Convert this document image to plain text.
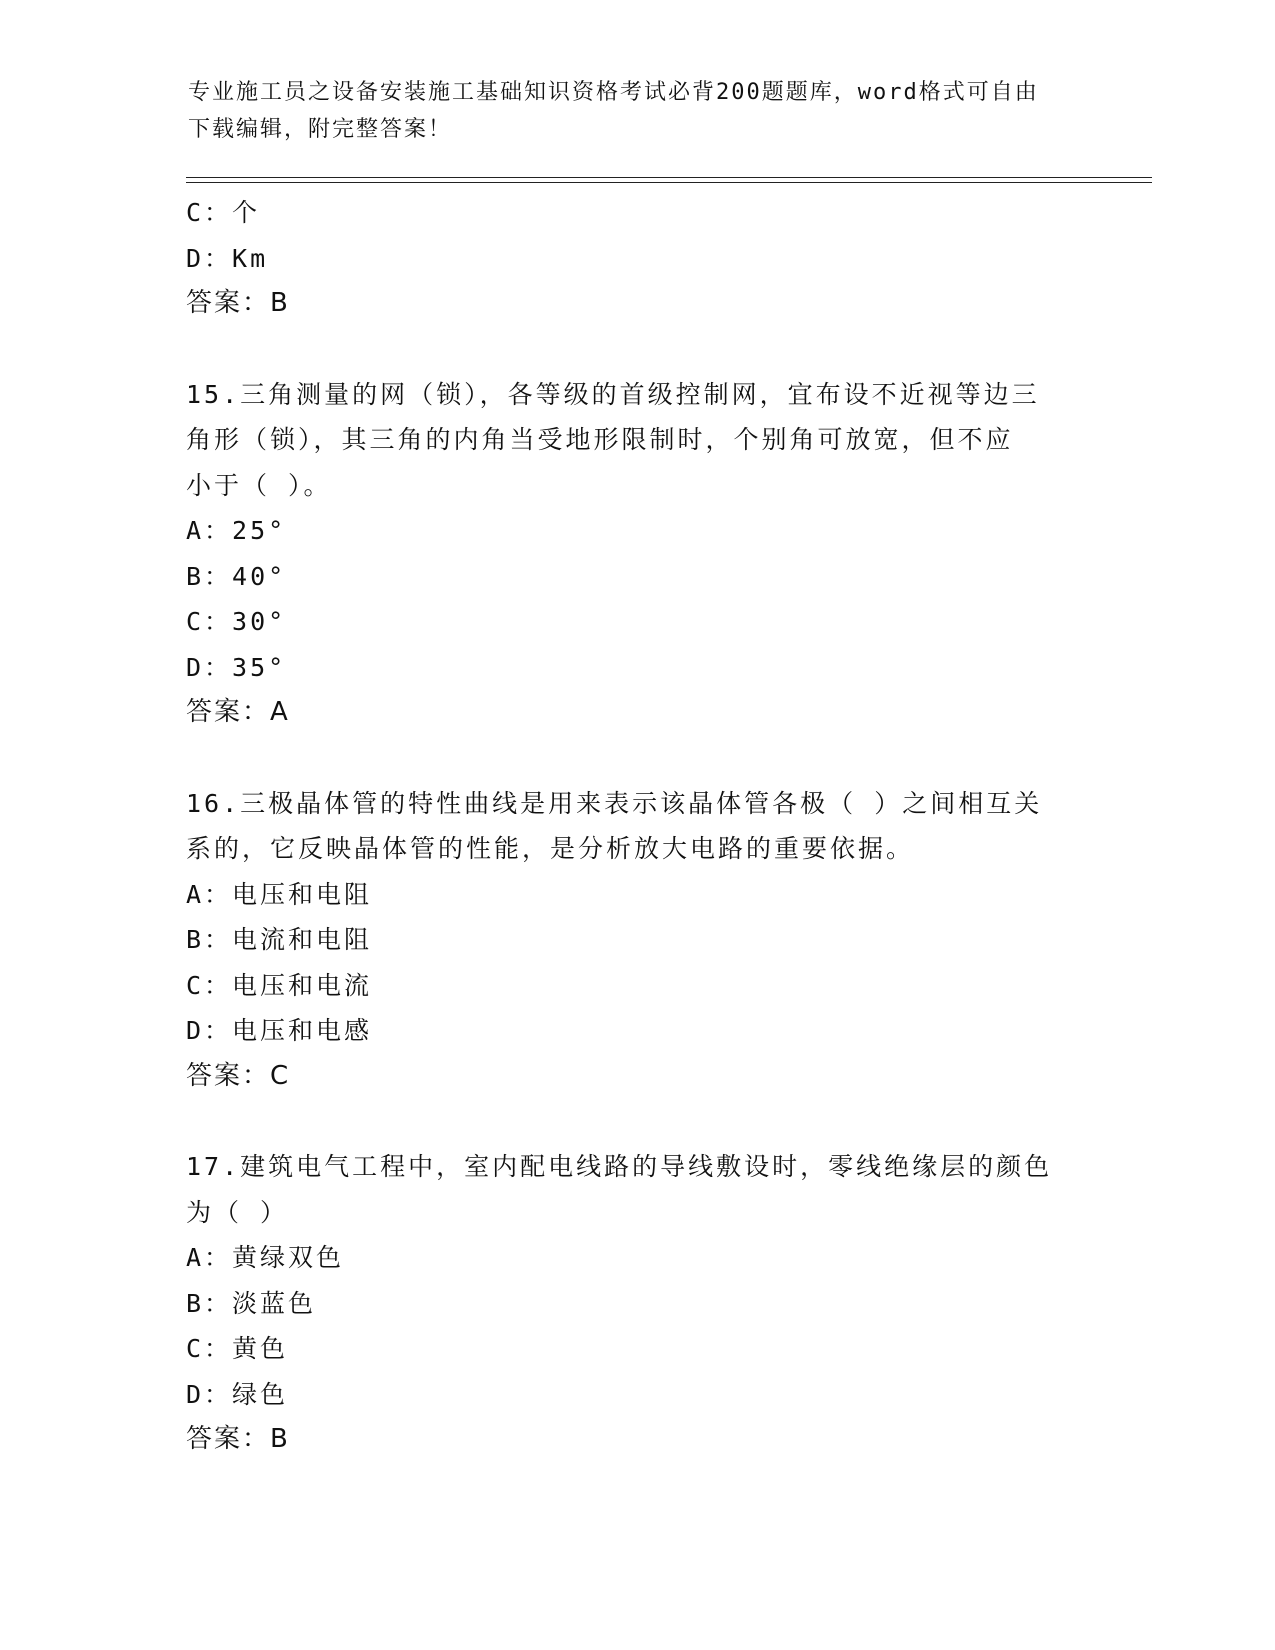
专业施工员之设备安装施工基础知识资格考试必背200题题库，word格式可自由
下载编辑，附完整答案！
C：个
D：Km
答案：B
15.三角测量的网（锁），各等级的首级控制网，宜布设不近视等边三
角形（锁），其三角的内角当受地形限制时，个别角可放宽，但不应
小于（ ）。
A：25°
B：40°
C：30°
D：35°
答案：A
16.三极晶体管的特性曲线是用来表示该晶体管各极（ ）之间相互关
系的，它反映晶体管的性能，是分析放大电路的重要依据。
A：电压和电阻
B：电流和电阻
C：电压和电流
D：电压和电感
答案：C
17.建筑电气工程中，室内配电线路的导线敷设时，零线绝缘层的颜色
为（ ）
A：黄绿双色
B：淡蓝色
C：黄色
D：绿色
答案：B
